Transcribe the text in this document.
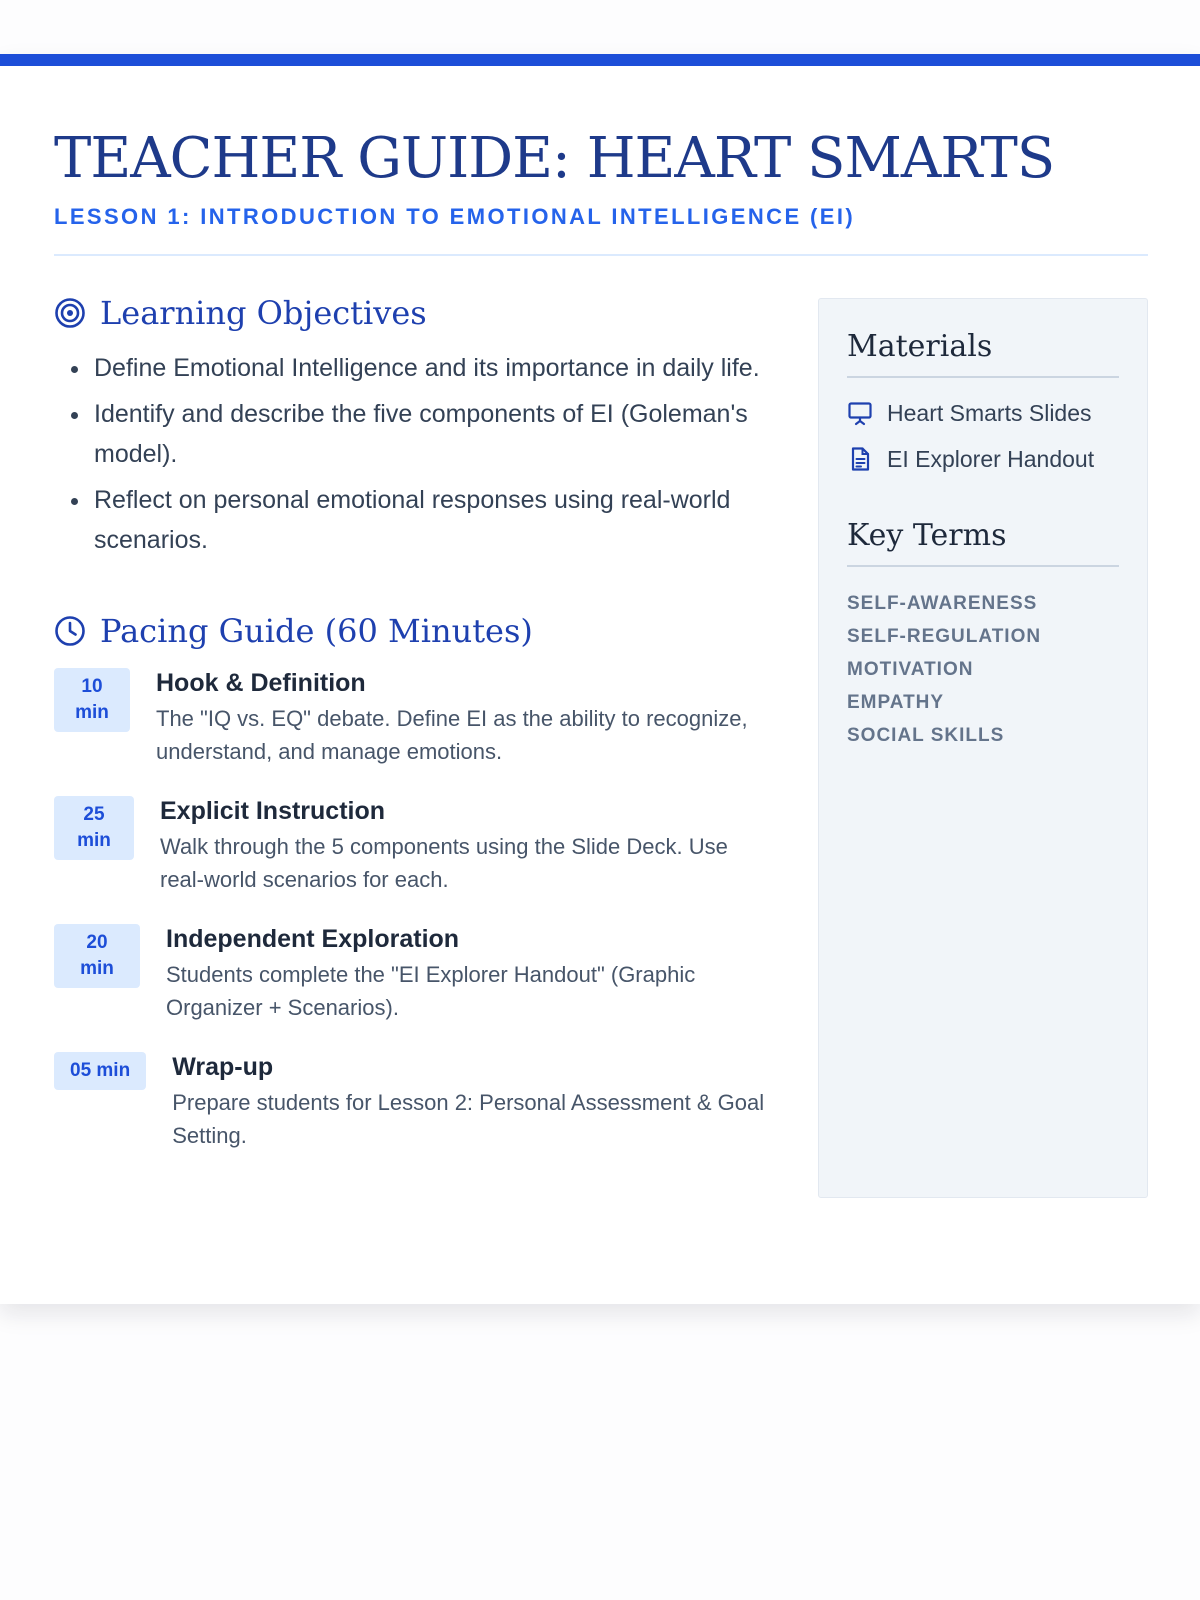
TEACHER GUIDE: HEART SMARTS
LESSON 1: INTRODUCTION TO EMOTIONAL INTELLIGENCE (EI)
Learning Objectives
• Define Emotional Intelligence and its importance in daily life.
• Identify and describe the five components of EI (Goleman's model).
• Reflect on personal emotional responses using real-world scenarios.
Pacing Guide (60 Minutes)
10 min
Hook & Definition
The "IQ vs. EQ" debate. Define EI as the ability to recognize, understand, and manage emotions.
25 min
Explicit Instruction
Walk through the 5 components using the Slide Deck. Use real-world scenarios for each.
20 min
Independent Exploration
Students complete the "EI Explorer Handout" (Graphic Organizer + Scenarios).
05 min	Wrap-up
Prepare students for Lesson 2: Personal Assessment & Goal Setting.
Materials
Heart Smarts Slides
EI Explorer Handout
Key Terms
SELF-AWARENESS
SELF-REGULATION
MOTIVATION
EMPATHY
SOCIAL SKILLS
